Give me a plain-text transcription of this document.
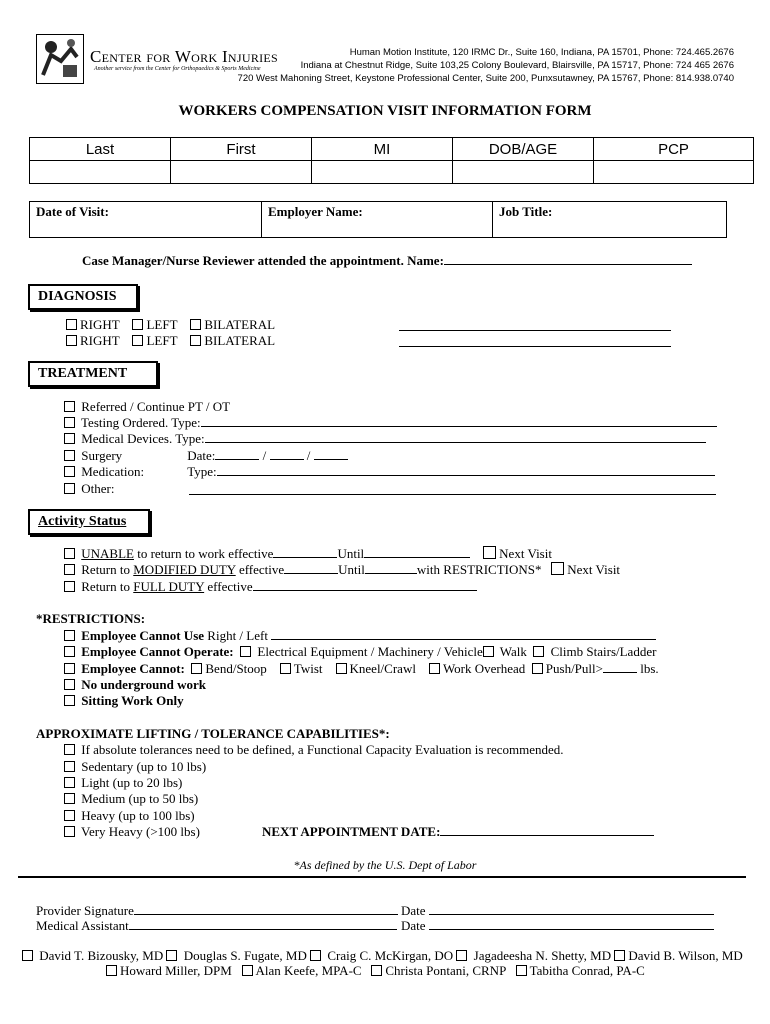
Center for Work Injuries
Another service from the Center for Orthopaedics & Sports Medicine
Human Motion Institute, 120 IRMC Dr., Suite 160, Indiana, PA 15701, Phone: 724.465.2676
Indiana at Chestnut Ridge, Suite 103,25 Colony Boulevard, Blairsville, PA 15717, Phone: 724 465 2676
720 West Mahoning Street, Keystone Professional Center, Suite 200, Punxsutawney, PA 15767, Phone: 814.938.0740
WORKERS COMPENSATION VISIT INFORMATION FORM
Last	First	MI	DOB/AGE	PCP

Date of Visit:	Employer Name:	Job Title:
Case Manager/Nurse Reviewer attended the appointment. Name:
DIAGNOSIS
RIGHT LEFT BILATERAL
RIGHT LEFT BILATERAL
TREATMENT
Referred / Continue PT / OT
Testing Ordered. Type:
Medical Devices. Type:
Surgery	Date:	/	/
Medication:	Type:
Other:
Activity Status
UNABLE to return to work effective	Until	Next Visit
Return to MODIFIED DUTY effective	Until	with RESTRICTIONS* Next Visit
Return to FULL DUTY effective
*RESTRICTIONS:
Employee Cannot Use Right / Left
Employee Cannot Operate: Electrical Equipment / Machinery / Vehicle Walk Climb Stairs/Ladder
Employee Cannot: Bend/Stoop Twist Kneel/Crawl Work Overhead Push/Pull>	lbs.
No underground work
Sitting Work Only
APPROXIMATE LIFTING / TOLERANCE CAPABILITIES*:
If absolute tolerances need to be defined, a Functional Capacity Evaluation is recommended.
Sedentary (up to 10 lbs)
Light (up to 20 lbs)
Medium (up to 50 lbs)
Heavy (up to 100 lbs)
Very Heavy (>100 lbs)	NEXT APPOINTMENT DATE:
*As defined by the U.S. Dept of Labor
Provider Signature	Date
Medical Assistant	Date
David T. Bizousky, MD Douglas S. Fugate, MD Craig C. McKirgan, DO Jagadeesha N. Shetty, MD David B. Wilson, MD
Howard Miller, DPM Alan Keefe, MPA-C Christa Pontani, CRNP Tabitha Conrad, PA-C
